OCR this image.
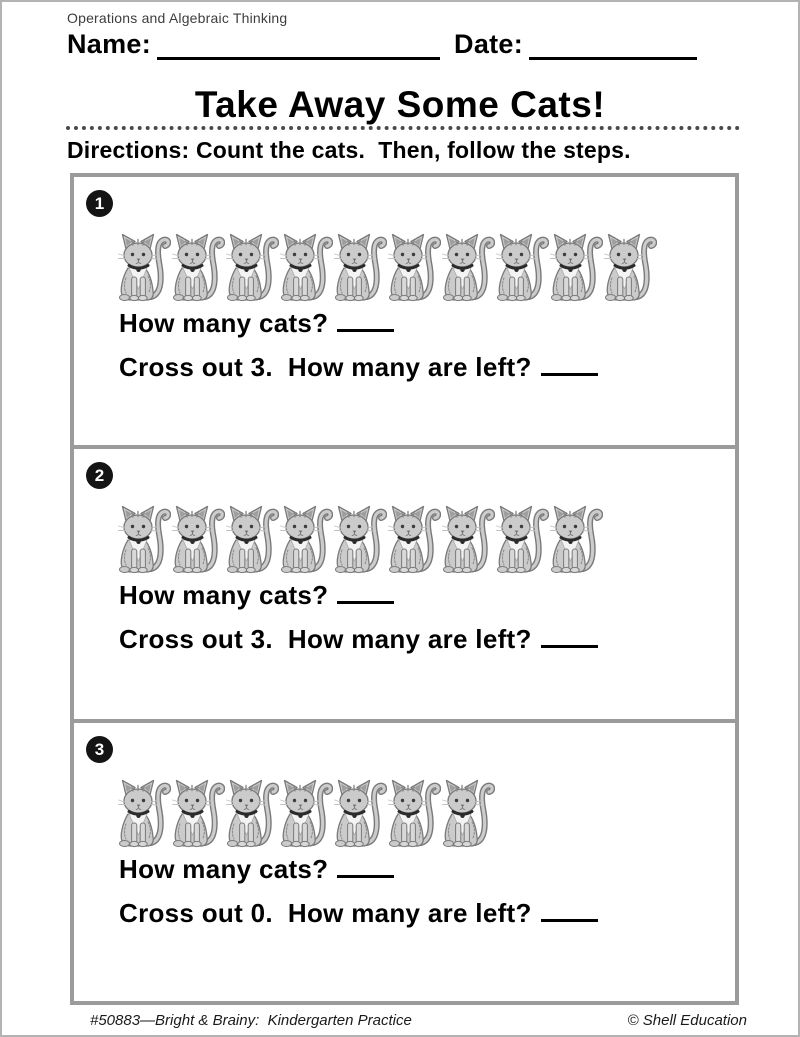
Operations and Algebraic Thinking
Name:	Date:
Take Away Some Cats!
Directions: Count the cats.  Then, follow the steps.
1
How many cats?
Cross out 3.  How many are left?
2
How many cats?
Cross out 3.  How many are left?
3
How many cats?
Cross out 0.  How many are left?
#50883—Bright & Brainy:  Kindergarten Practice	© Shell Education
